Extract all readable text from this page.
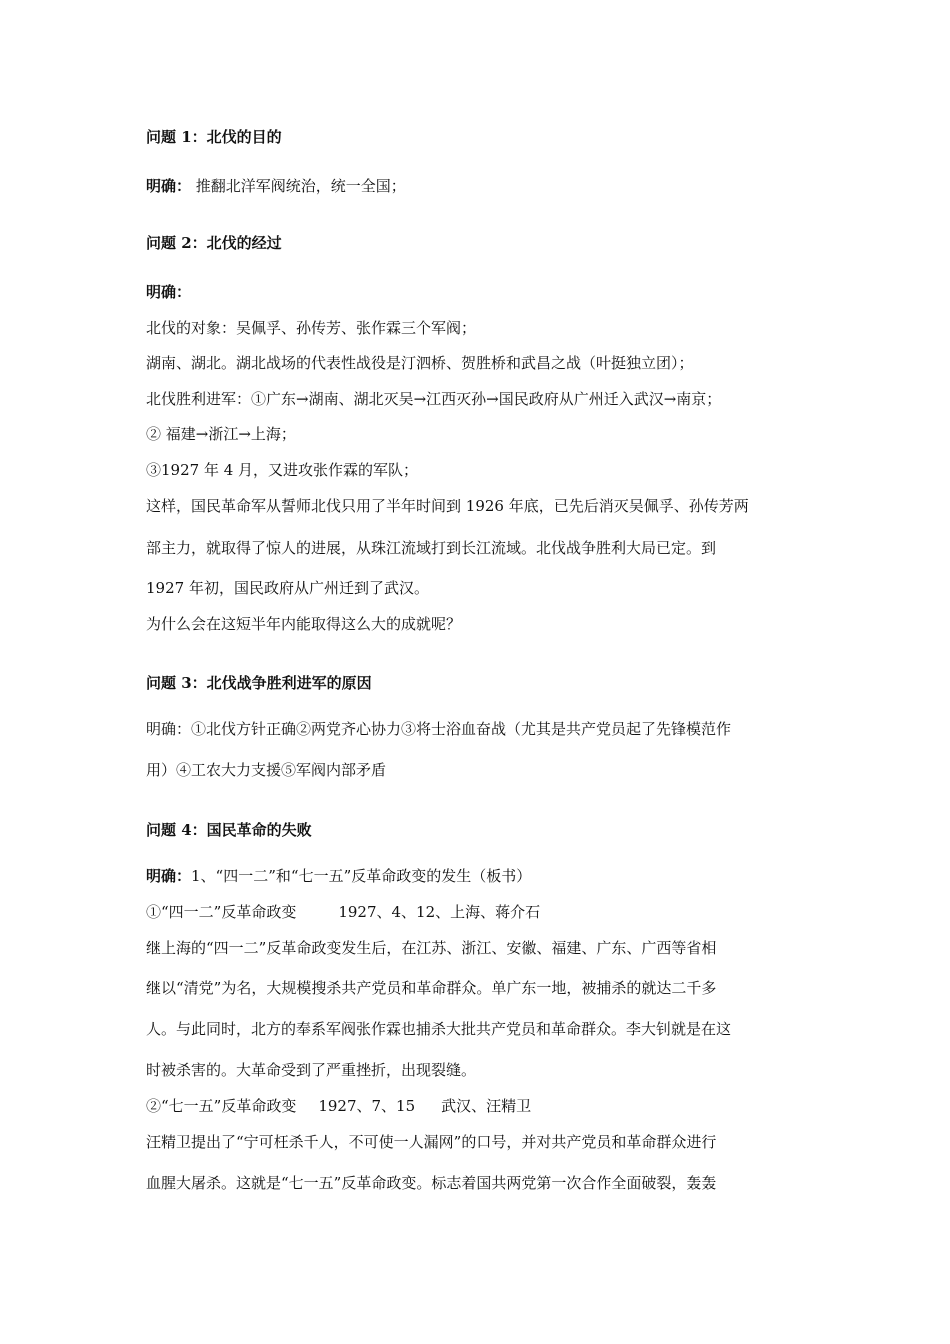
问题 1：北伐的目的
明确： 推翻北洋军阀统治，统一全国；
问题 2：北伐的经过
明确：
北伐的对象：吴佩孚、孙传芳、张作霖三个军阀；
湖南、湖北。湖北战场的代表性战役是汀泗桥、贺胜桥和武昌之战（叶挺独立团）；
北伐胜利进军：①广东→湖南、湖北灭吴→江西灭孙→国民政府从广州迁入武汉→南京；
② 福建→浙江→上海；
③1927 年 4 月，又进攻张作霖的军队；
这样，国民革命军从誓师北伐只用了半年时间到 1926 年底，已先后消灭吴佩孚、孙传芳两
部主力，就取得了惊人的进展，从珠江流域打到长江流域。北伐战争胜利大局已定。到
1927 年初，国民政府从广州迁到了武汉。
为什么会在这短半年内能取得这么大的成就呢？
问题 3：北伐战争胜利进军的原因
明确：①北伐方针正确②两党齐心协力③将士浴血奋战（尤其是共产党员起了先锋模范作
用）④工农大力支援⑤军阀内部矛盾
问题 4：国民革命的失败
明确：1、“四一二”和“七一五”反革命政变的发生（板书）
①“四一二”反革命政变	1927、4、12、上海、蒋介石
继上海的“四一二”反革命政变发生后，在江苏、浙江、安徽、福建、广东、广西等省相
继以“清党”为名，大规模搜杀共产党员和革命群众。单广东一地，被捕杀的就达二千多
人。与此同时，北方的奉系军阀张作霖也捕杀大批共产党员和革命群众。李大钊就是在这
时被杀害的。大革命受到了严重挫折，出现裂缝。
②“七一五”反革命政变 1927、7、15 武汉、汪精卫
汪精卫提出了“宁可枉杀千人，不可使一人漏网”的口号，并对共产党员和革命群众进行
血腥大屠杀。这就是“七一五”反革命政变。标志着国共两党第一次合作全面破裂，轰轰
